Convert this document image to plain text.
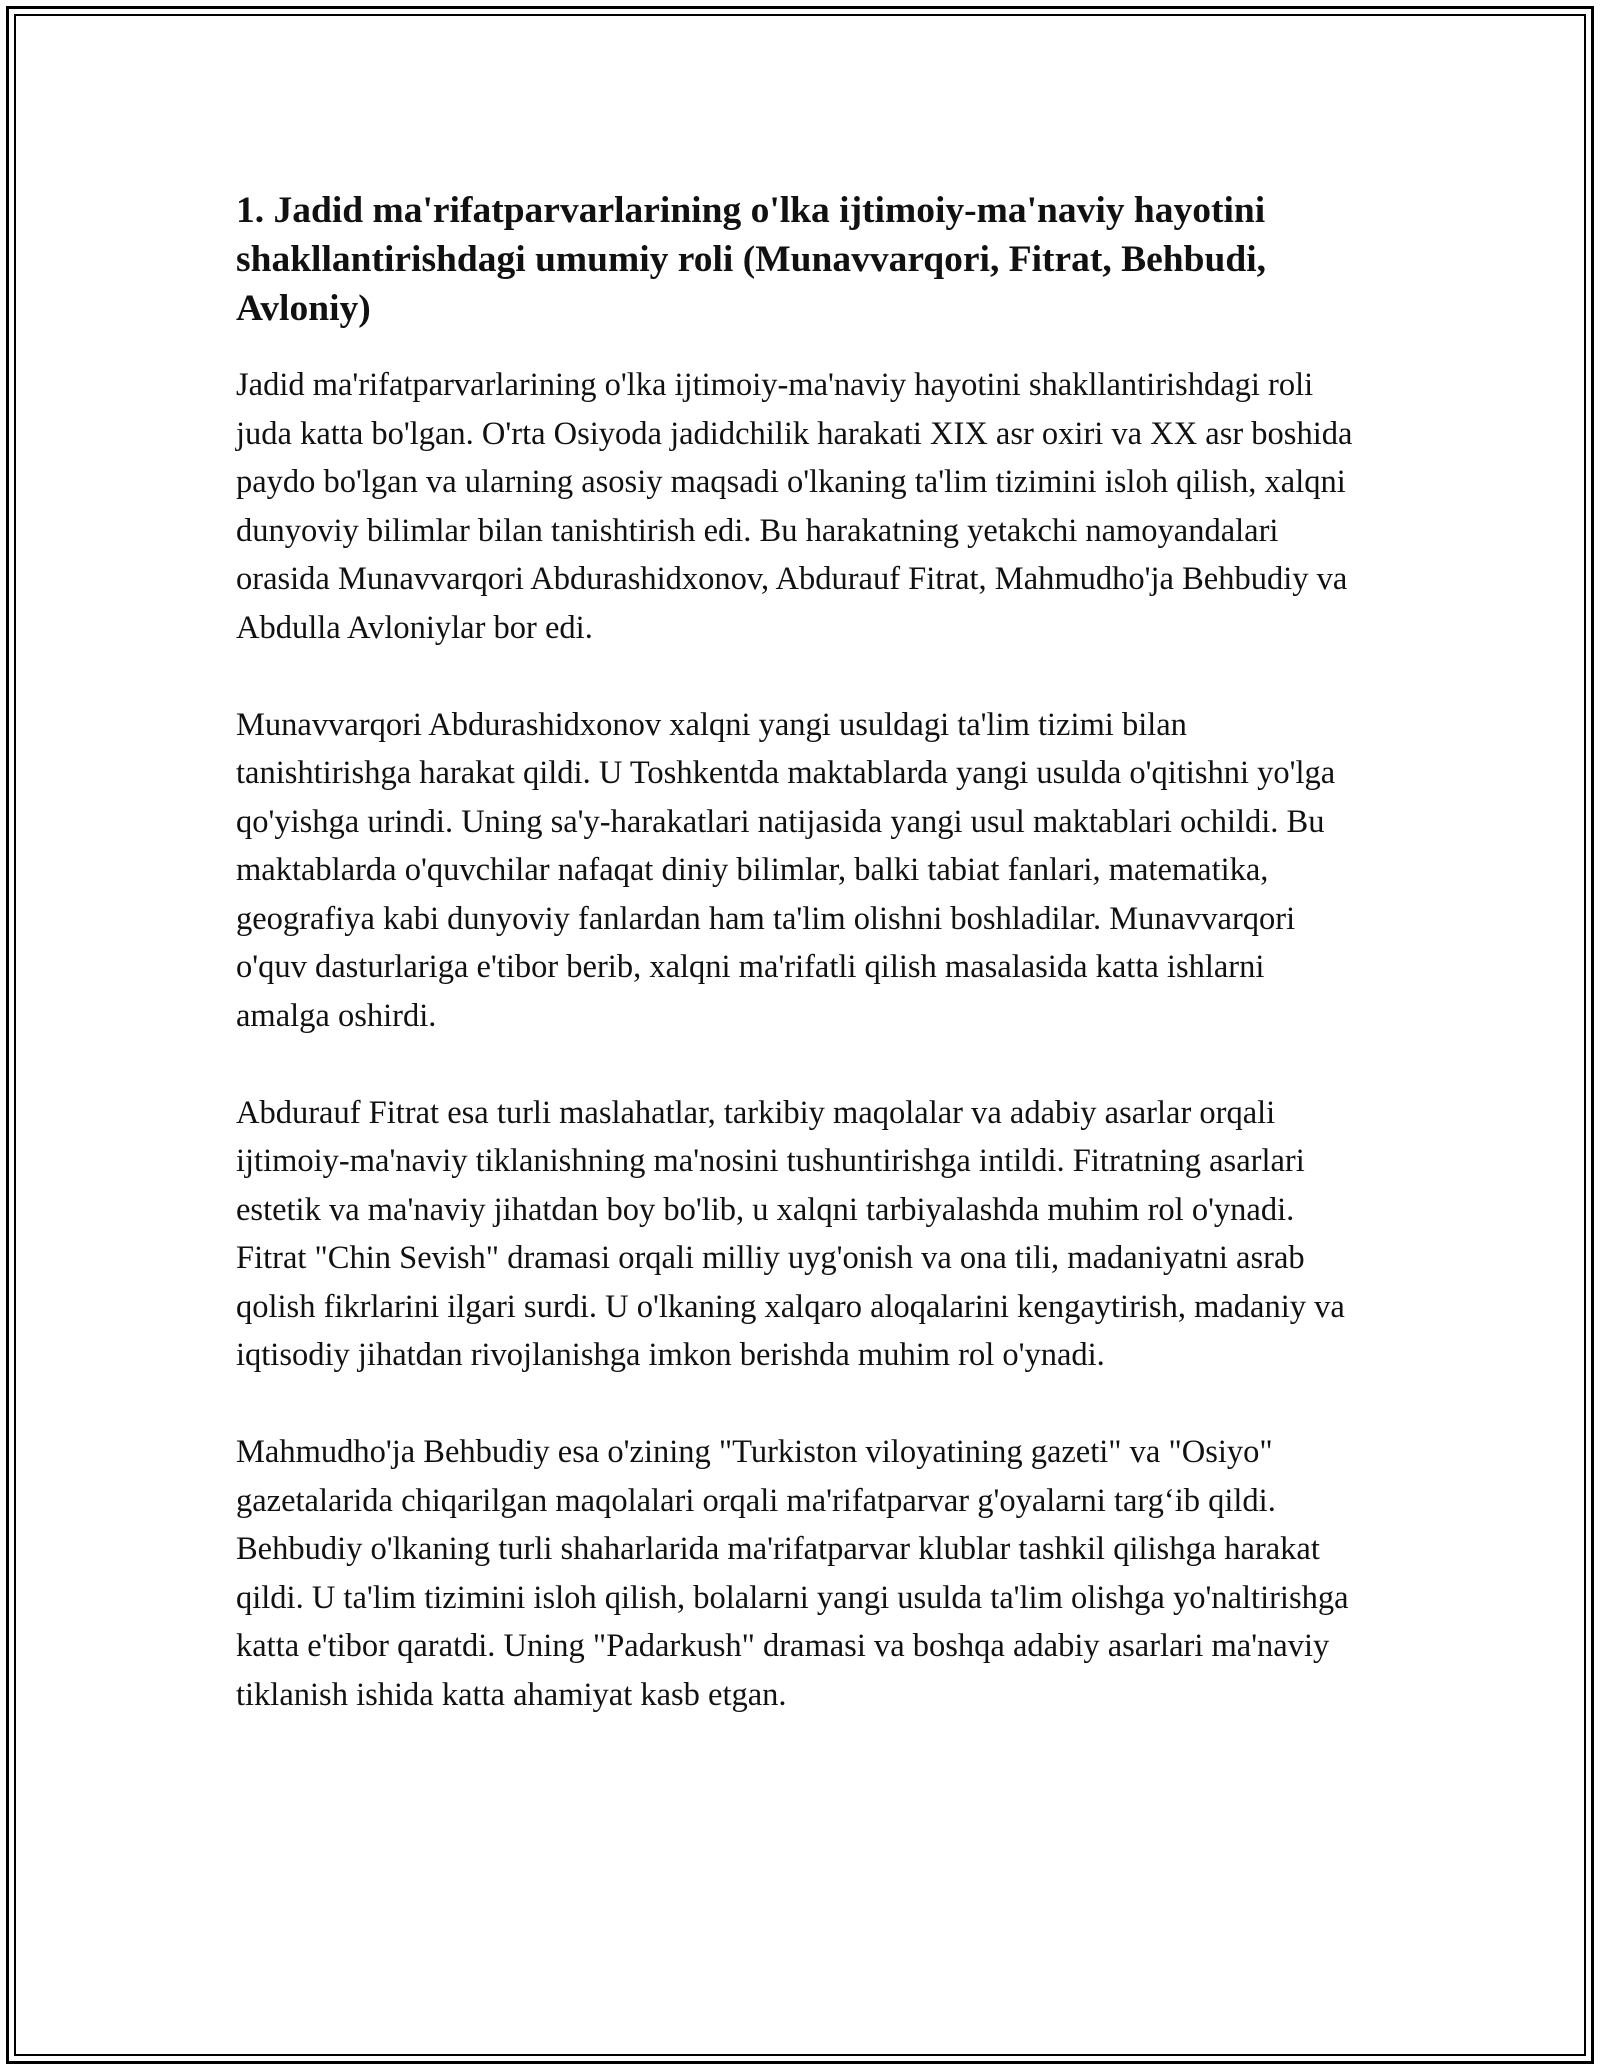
1. Jadid ma'rifatparvarlarining o'lka ijtimoiy-ma'naviy hayotini shakllantirishdagi umumiy roli (Munavvarqori, Fitrat, Behbudi, Avloniy)

Jadid ma'rifatparvarlarining o'lka ijtimoiy-ma'naviy hayotini shakllantirishdagi roli juda katta bo'lgan. O'rta Osiyoda jadidchilik harakati XIX asr oxiri va XX asr boshida paydo bo'lgan va ularning asosiy maqsadi o'lkaning ta'lim tizimini isloh qilish, xalqni dunyoviy bilimlar bilan tanishtirish edi. Bu harakatning yetakchi namoyandalari orasida Munavvarqori Abdurashidxonov, Abdurauf Fitrat, Mahmudho'ja Behbudiy va Abdulla Avloniylar bor edi.

Munavvarqori Abdurashidxonov xalqni yangi usuldagi ta'lim tizimi bilan tanishtirishga harakat qildi. U Toshkentda maktablarda yangi usulda o'qitishni yo'lga qo'yishga urindi. Uning sa'y-harakatlari natijasida yangi usul maktablari ochildi. Bu maktablarda o'quvchilar nafaqat diniy bilimlar, balki tabiat fanlari, matematika, geografiya kabi dunyoviy fanlardan ham ta'lim olishni boshladilar. Munavvarqori o'quv dasturlariga e'tibor berib, xalqni ma'rifatli qilish masalasida katta ishlarni amalga oshirdi.

Abdurauf Fitrat esa turli maslahatlar, tarkibiy maqolalar va adabiy asarlar orqali ijtimoiy-ma'naviy tiklanishning ma'nosini tushuntirishga intildi. Fitratning asarlari estetik va ma'naviy jihatdan boy bo'lib, u xalqni tarbiyalashda muhim rol o'ynadi. Fitrat "Chin Sevish" dramasi orqali milliy uyg'onish va ona tili, madaniyatni asrab qolish fikrlarini ilgari surdi. U o'lkaning xalqaro aloqalarini kengaytirish, madaniy va iqtisodiy jihatdan rivojlanishga imkon berishda muhim rol o'ynadi.

Mahmudho'ja Behbudiy esa o'zining "Turkiston viloyatining gazeti" va "Osiyo" gazetalarida chiqarilgan maqolalari orqali ma'rifatparvar g'oyalarni targ‘ib qildi. Behbudiy o'lkaning turli shaharlarida ma'rifatparvar klublar tashkil qilishga harakat qildi. U ta'lim tizimini isloh qilish, bolalarni yangi usulda ta'lim olishga yo'naltirishga katta e'tibor qaratdi. Uning "Padarkush" dramasi va boshqa adabiy asarlari ma'naviy tiklanish ishida katta ahamiyat kasb etgan.
